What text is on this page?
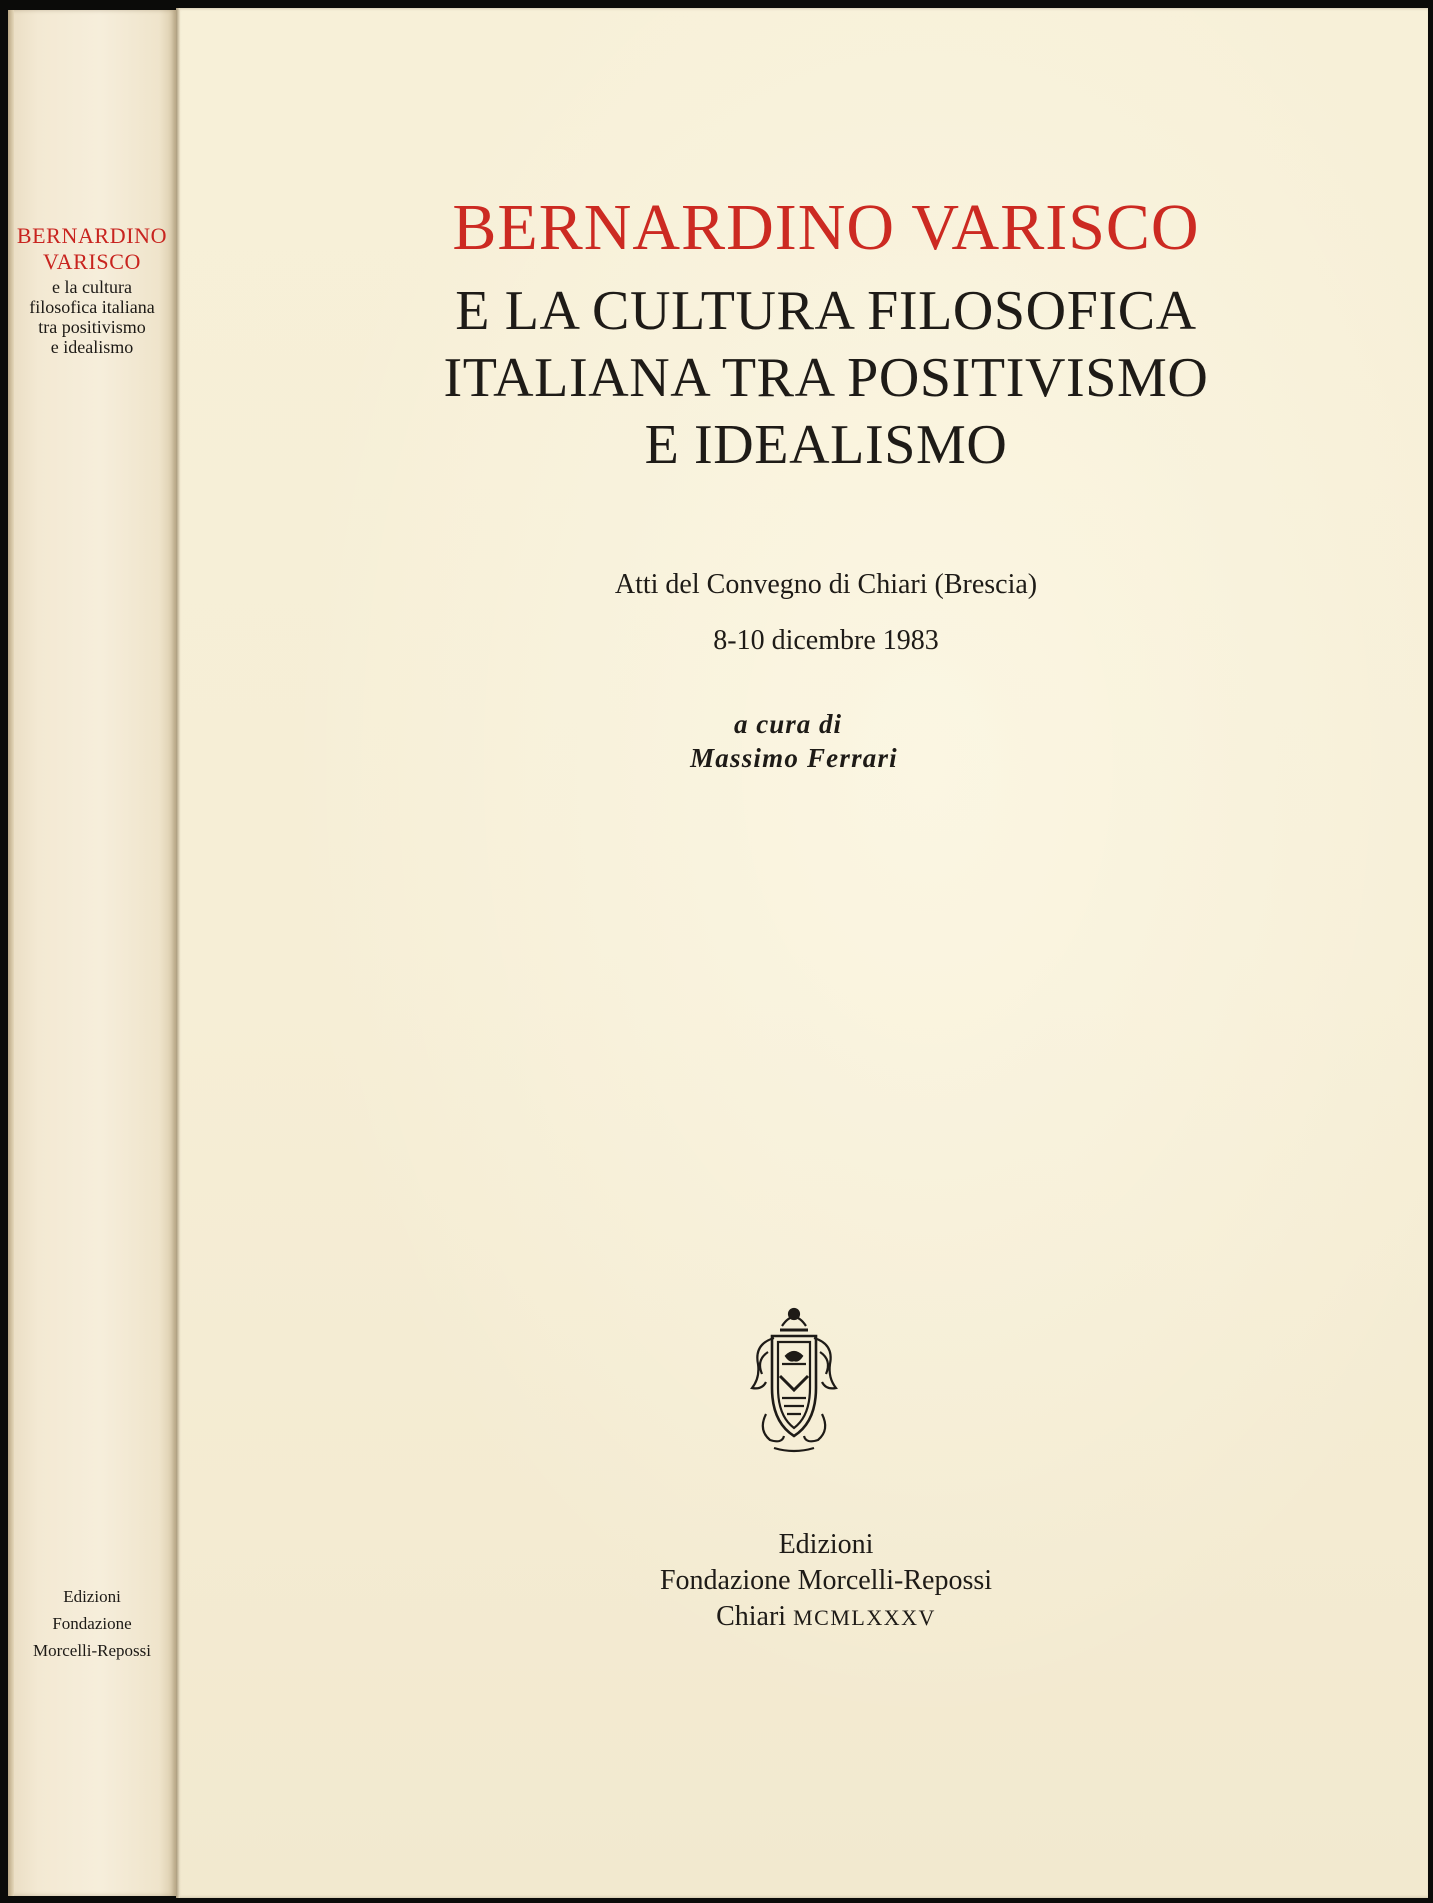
BERNARDINO
VARISCO
e la cultura
filosofica italiana
tra positivismo
e idealismo
Edizioni
Fondazione
Morcelli-Repossi
BERNARDINO VARISCO
E LA CULTURA FILOSOFICA
ITALIANA TRA POSITIVISMO
E IDEALISMO
Atti del Convegno di Chiari (Brescia)
8-10 dicembre 1983
a cura di
Massimo Ferrari
Edizioni
Fondazione Morcelli-Repossi
Chiari MCMLXXXV
